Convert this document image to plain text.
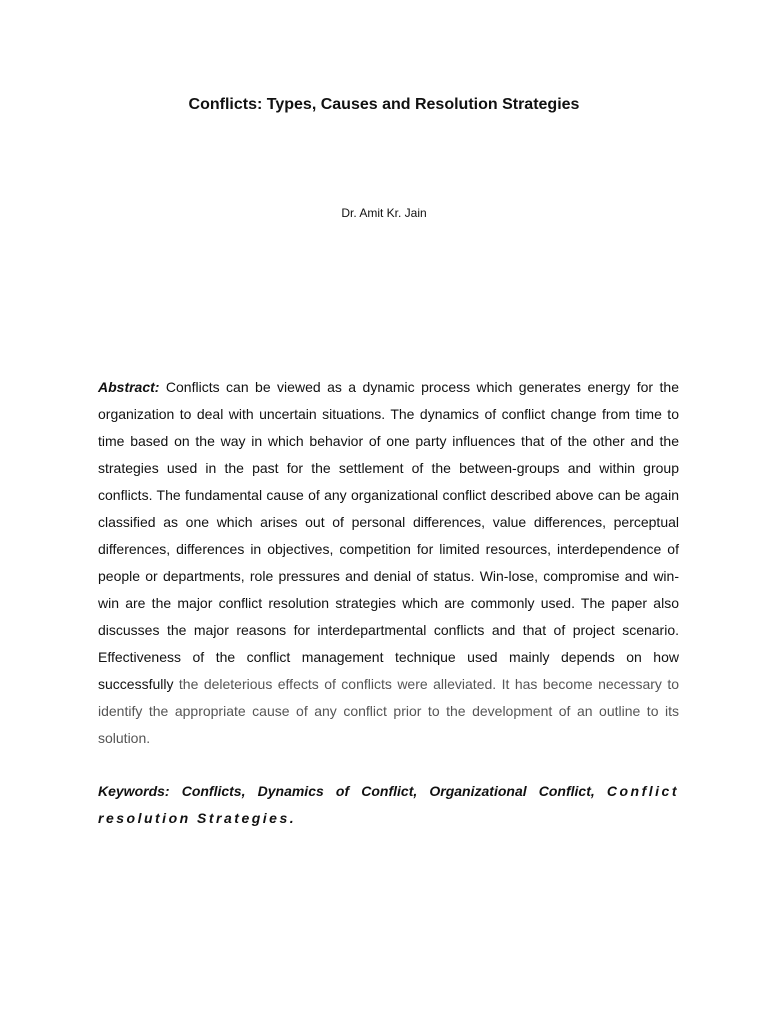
Conflicts: Types, Causes and Resolution Strategies
Dr. Amit Kr. Jain

Abstract: Conflicts can be viewed as a dynamic process which generates energy for the organization to deal with uncertain situations. The dynamics of conflict change from time to time based on the way in which behavior of one party influences that of the other and the strategies used in the past for the settlement of the between-groups and within group conflicts. The fundamental cause of any organizational conflict described above can be again classified as one which arises out of personal differences, value differences, perceptual differences, differences in objectives, competition for limited resources, interdependence of people or departments, role pressures and denial of status. Win-lose, compromise and win-win are the major conflict resolution strategies which are commonly used. The paper also discusses the major reasons for interdepartmental conflicts and that of project scenario. Effectiveness of the conflict management technique used mainly depends on how successfully the deleterious effects of conflicts were alleviated. It has become necessary to identify the appropriate cause of any conflict prior to the development of an outline to its solution.

Keywords: Conflicts, Dynamics of Conflict, Organizational Conflict, Conflict resolution Strategies.
